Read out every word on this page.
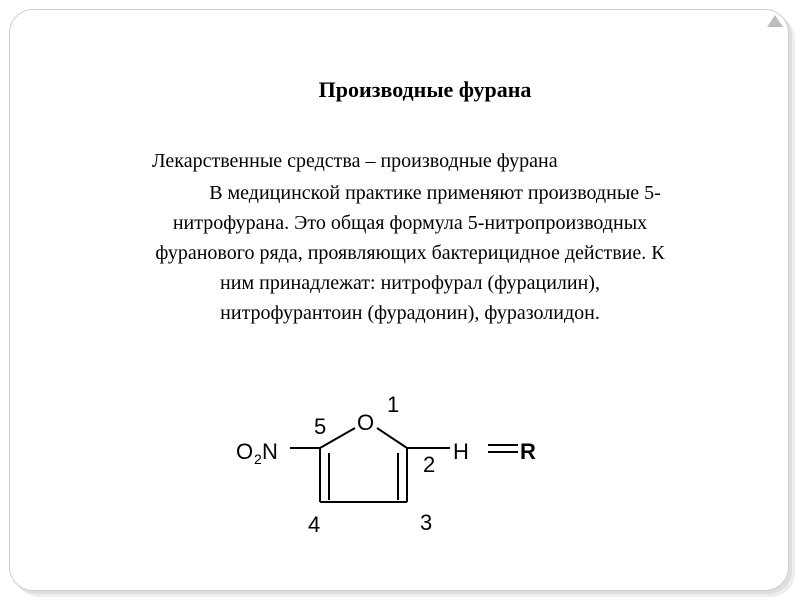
Производные фурана
Лекарственные средства – производные фурана
В медицинской практике применяют производные 5-
нитрофурана. Это общая формула 5-нитропроизводных
фуранового ряда, проявляющих бактерицидное действие. К
ним принадлежат: нитрофурал (фурацилин),
нитрофурантоин (фурадонин), фуразолидон.
O 2 N
O
H R
1
2
3
4
5
